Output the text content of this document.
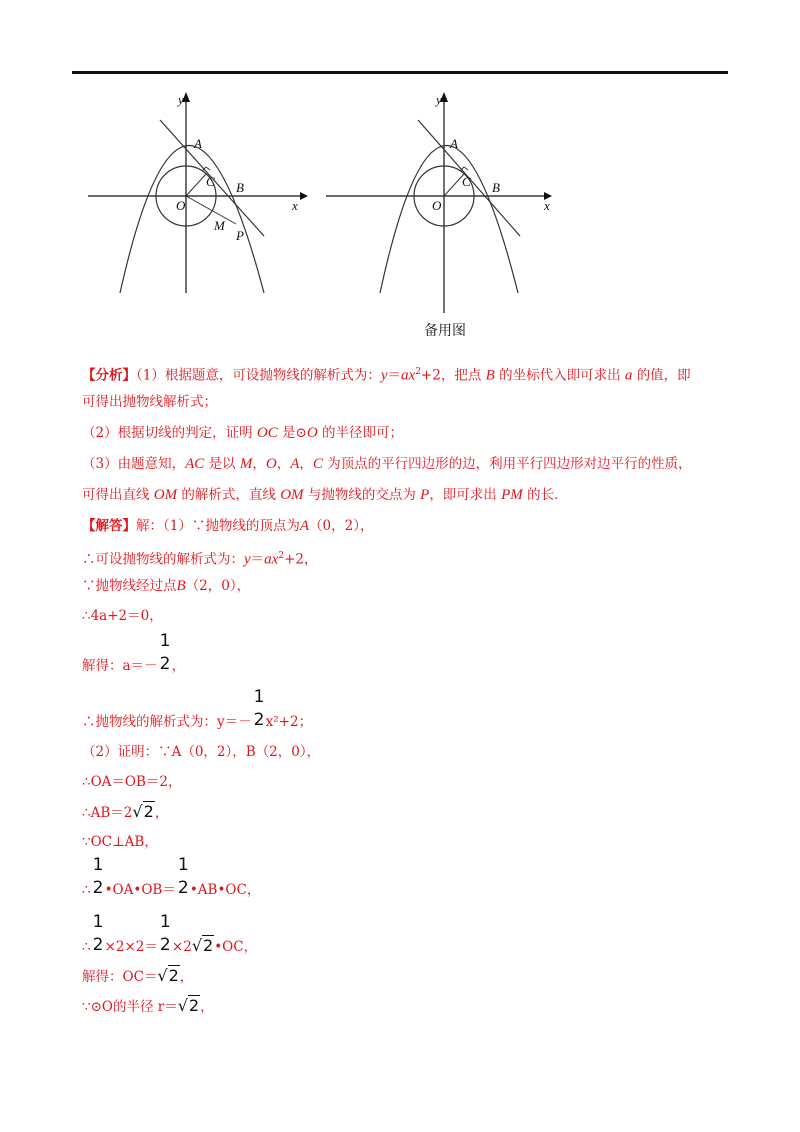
y
x
A
B
C
O
M
P
y
x
A
B
C
O
备用图
【分析】（1）根据题意，可设抛物线的解析式为：$y=ax^2+2$，把点 B 的坐标代入即可求出 a 的值，即
可得出抛物线解析式；
（2）根据切线的判定，证明 OC 是⊙O 的半径即可；
（3）由题意知，AC 是以 M，O，A，C 为顶点的平行四边形的边，利用平行四边形对边平行的性质，
可得出直线 OM 的解析式，直线 OM 与抛物线的交点为 P，即可求出 PM 的长．
【解答】解：（1）∵抛物线的顶点为A（0，2），
∴可设抛物线的解析式为：$y=ax^2+2$，
∵抛物线经过点B（2，0），
∴4a+2＝0，
解得：a＝－
1
2 ，
∴抛物线的解析式为：y＝－
1
2 x²+2；
（2）证明：∵A（0，2），B（2，0），
∴OA＝OB＝2，
∴AB＝2√2，
∵OC⊥AB，
∴
1
2 •OA•OB＝
1
2 •AB•OC，
∴
1
2 ×2×2＝
1
2 ×2√2•OC，
解得：OC＝√2，
∵⊙O的半径 r＝√2，
